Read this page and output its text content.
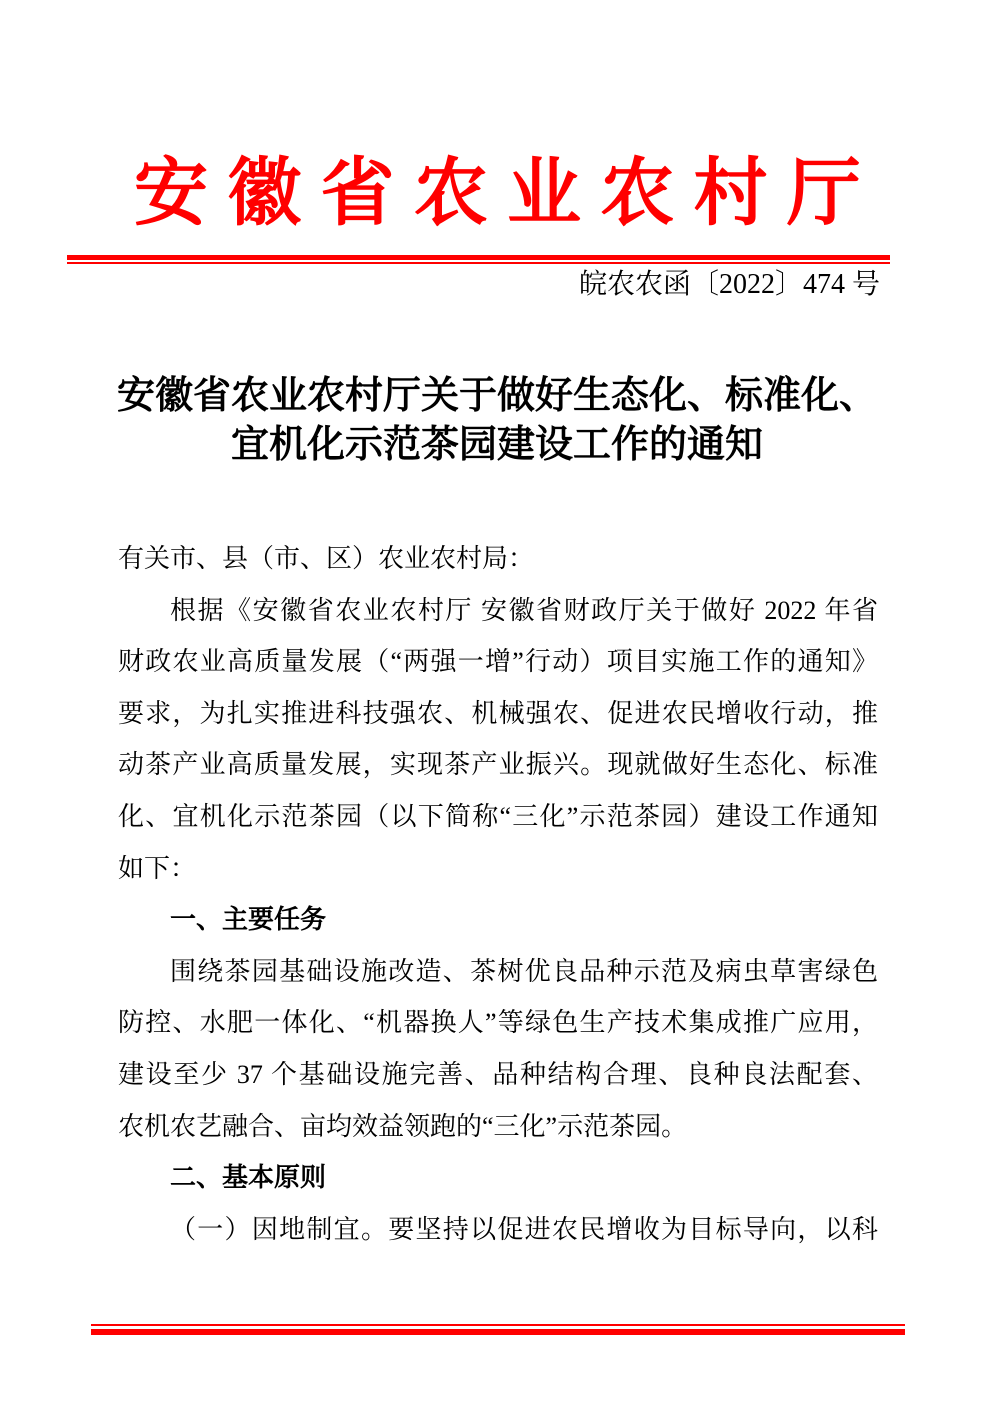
安徽省农业农村厅
皖农农函〔2022〕474 号
安徽省农业农村厅关于做好生态化、标准化、
宜机化示范茶园建设工作的通知
有关市、县（市、区）农业农村局：
根据《安徽省农业农村厅 安徽省财政厅关于做好 2022 年省
财政农业高质量发展（“两强一增”行动）项目实施工作的通知》
要求，为扎实推进科技强农、机械强农、促进农民增收行动，推
动茶产业高质量发展，实现茶产业振兴。现就做好生态化、标准
化、宜机化示范茶园（以下简称“三化”示范茶园）建设工作通知
如下：
一、主要任务
围绕茶园基础设施改造、茶树优良品种示范及病虫草害绿色
防控、水肥一体化、“机器换人”等绿色生产技术集成推广应用，
建设至少 37 个基础设施完善、品种结构合理、良种良法配套、
农机农艺融合、亩均效益领跑的“三化”示范茶园。
二、基本原则
（一）因地制宜。要坚持以促进农民增收为目标导向，以科
